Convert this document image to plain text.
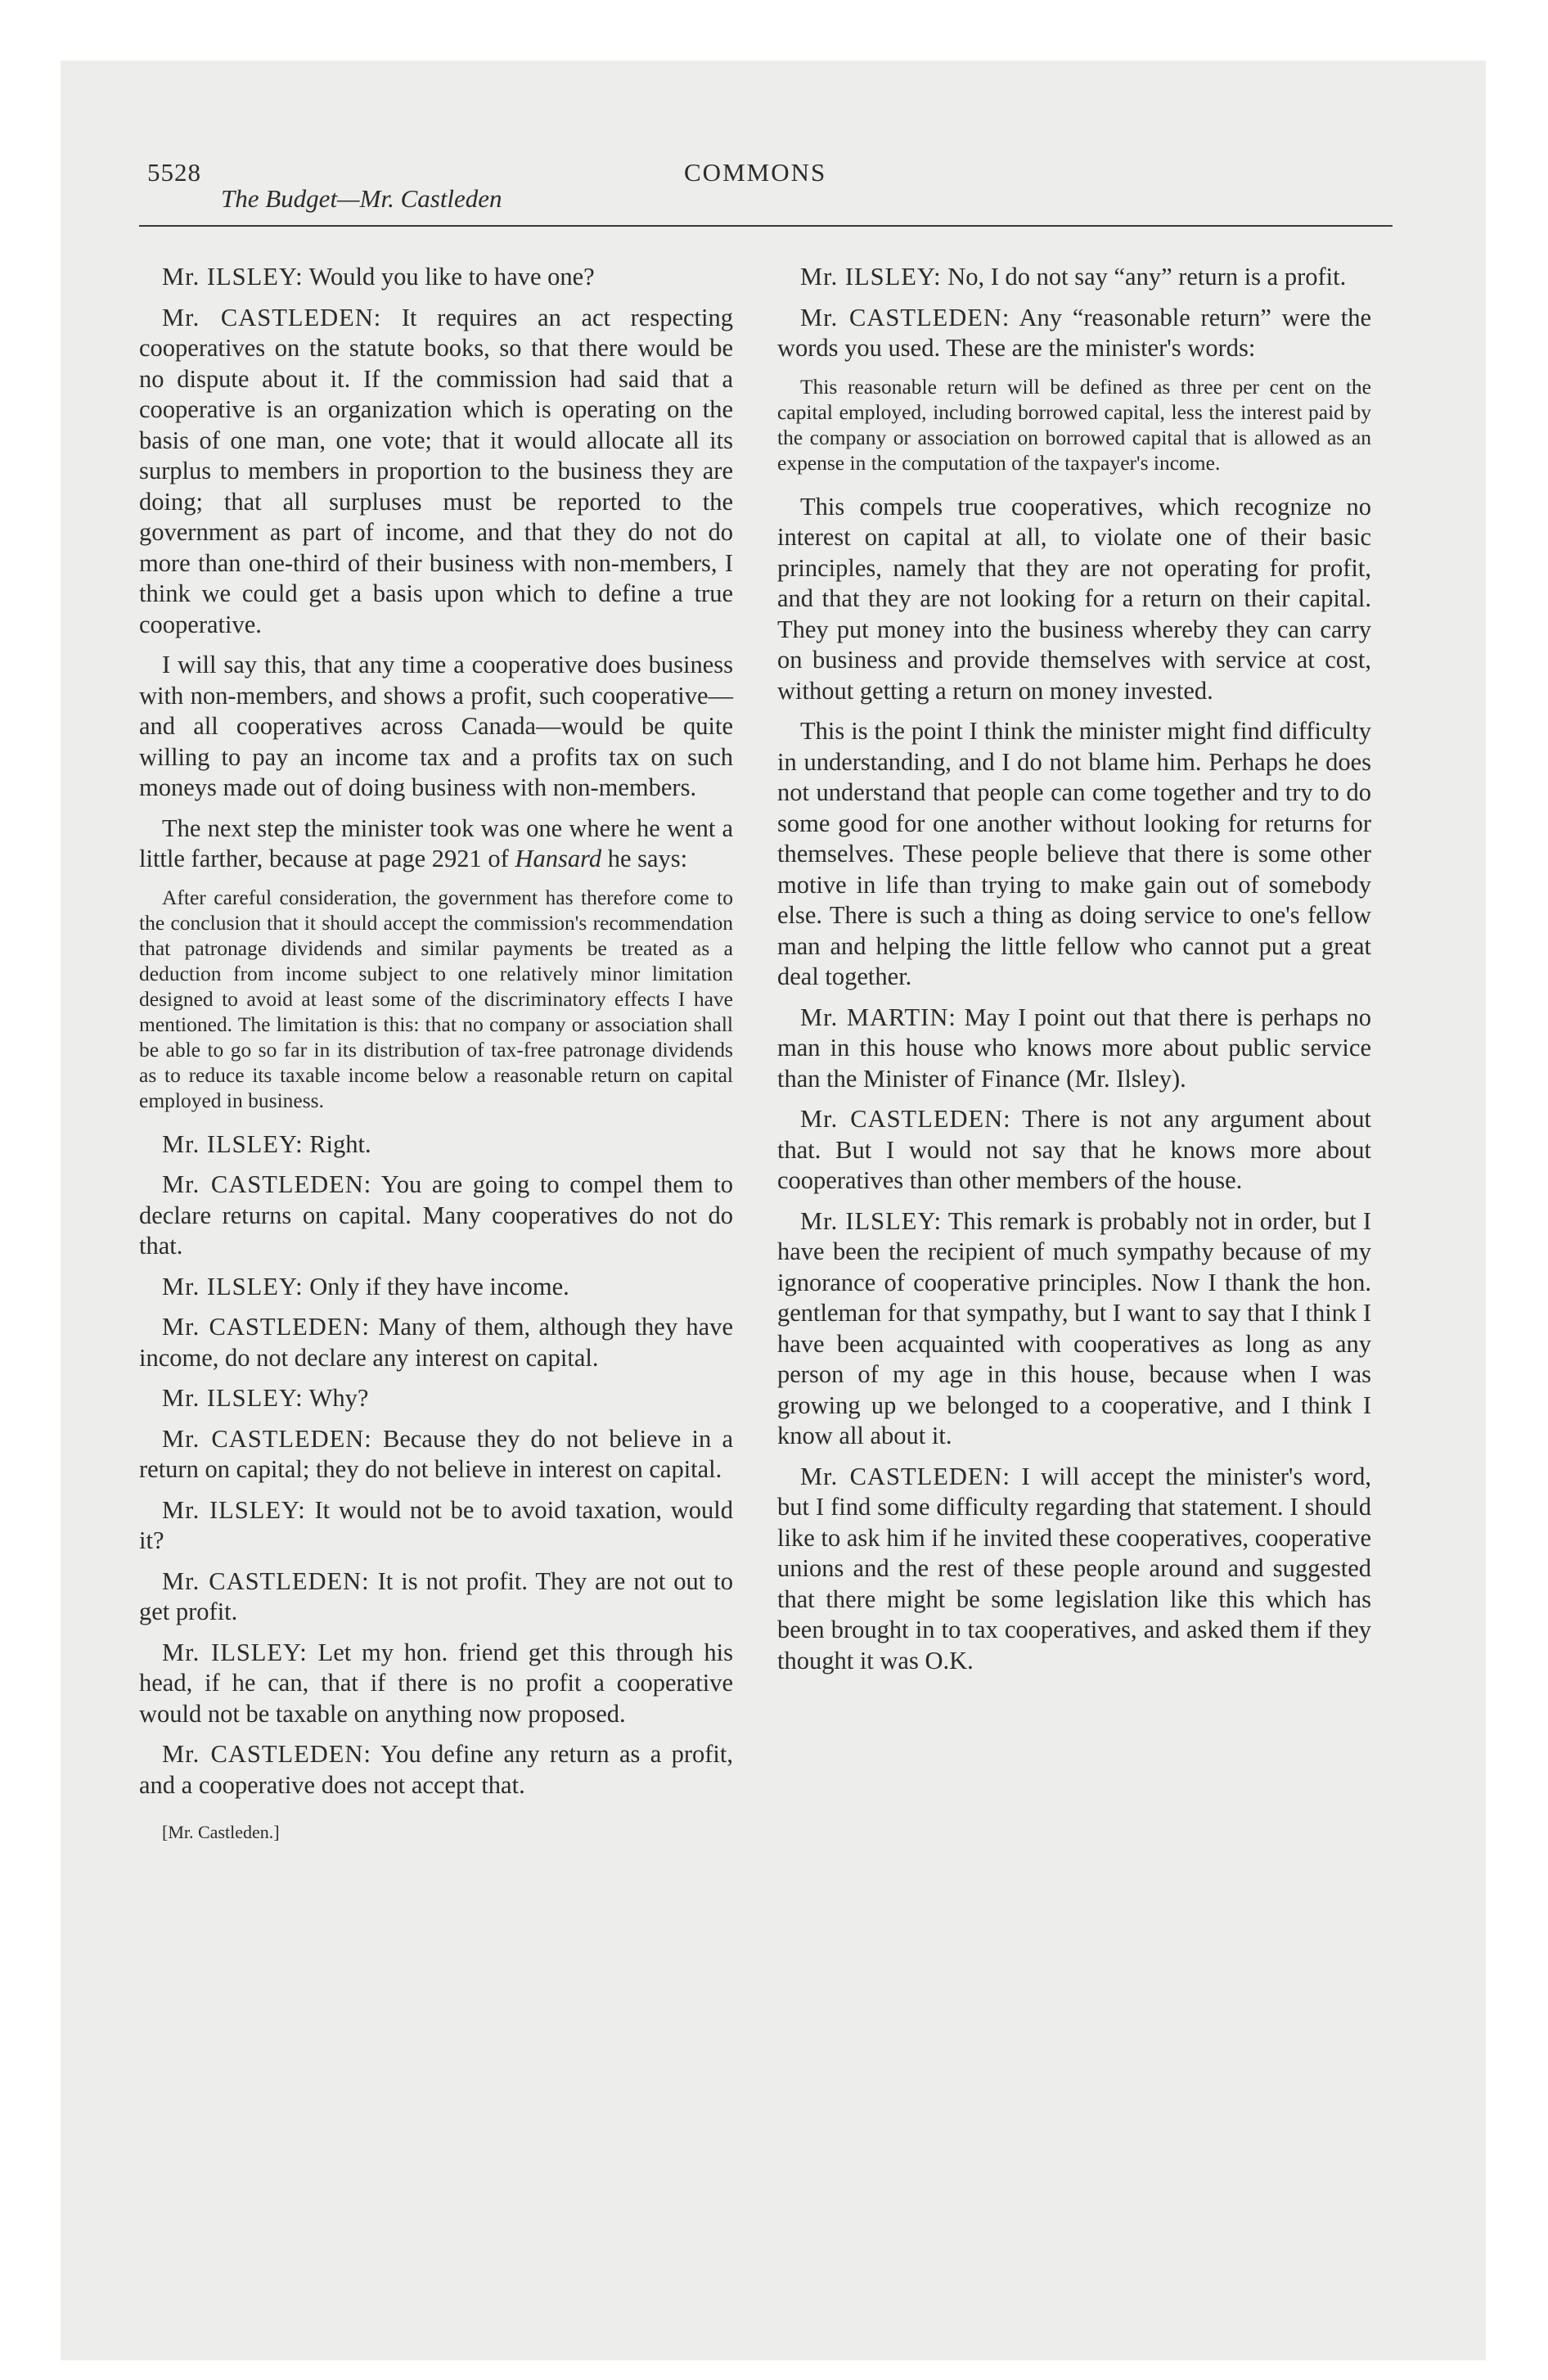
5528	COMMONS
The Budget—Mr. Castleden

Mr. ILSLEY: Would you like to have one?

Mr. CASTLEDEN: It requires an act respecting cooperatives on the statute books, so that there would be no dispute about it. If the commission had said that a cooperative is an organization which is operating on the basis of one man, one vote; that it would allocate all its surplus to members in proportion to the business they are doing; that all surpluses must be reported to the government as part of income, and that they do not do more than one-third of their business with non-members, I think we could get a basis upon which to define a true cooperative.

I will say this, that any time a cooperative does business with non-members, and shows a profit, such cooperative—and all cooperatives across Canada—would be quite willing to pay an income tax and a profits tax on such moneys made out of doing business with non-members.

The next step the minister took was one where he went a little farther, because at page 2921 of Hansard he says:

After careful consideration, the government has therefore come to the conclusion that it should accept the commission's recommendation that patronage dividends and similar payments be treated as a deduction from income subject to one relatively minor limitation designed to avoid at least some of the discriminatory effects I have mentioned. The limitation is this: that no company or association shall be able to go so far in its distribution of tax-free patronage dividends as to reduce its taxable income below a reasonable return on capital employed in business.

Mr. ILSLEY: Right.

Mr. CASTLEDEN: You are going to compel them to declare returns on capital. Many cooperatives do not do that.

Mr. ILSLEY: Only if they have income.

Mr. CASTLEDEN: Many of them, although they have income, do not declare any interest on capital.

Mr. ILSLEY: Why?

Mr. CASTLEDEN: Because they do not believe in a return on capital; they do not believe in interest on capital.

Mr. ILSLEY: It would not be to avoid taxation, would it?

Mr. CASTLEDEN: It is not profit. They are not out to get profit.

Mr. ILSLEY: Let my hon. friend get this through his head, if he can, that if there is no profit a cooperative would not be taxable on anything now proposed.

Mr. CASTLEDEN: You define any return as a profit, and a cooperative does not accept that.

[Mr. Castleden.]

Mr. ILSLEY: No, I do not say “any” return is a profit.

Mr. CASTLEDEN: Any “reasonable return” were the words you used. These are the minister's words:

This reasonable return will be defined as three per cent on the capital employed, including borrowed capital, less the interest paid by the company or association on borrowed capital that is allowed as an expense in the computation of the taxpayer's income.

This compels true cooperatives, which recognize no interest on capital at all, to violate one of their basic principles, namely that they are not operating for profit, and that they are not looking for a return on their capital. They put money into the business whereby they can carry on business and provide themselves with service at cost, without getting a return on money invested.

This is the point I think the minister might find difficulty in understanding, and I do not blame him. Perhaps he does not understand that people can come together and try to do some good for one another without looking for returns for themselves. These people believe that there is some other motive in life than trying to make gain out of somebody else. There is such a thing as doing service to one's fellow man and helping the little fellow who cannot put a great deal together.

Mr. MARTIN: May I point out that there is perhaps no man in this house who knows more about public service than the Minister of Finance (Mr. Ilsley).

Mr. CASTLEDEN: There is not any argument about that. But I would not say that he knows more about cooperatives than other members of the house.

Mr. ILSLEY: This remark is probably not in order, but I have been the recipient of much sympathy because of my ignorance of cooperative principles. Now I thank the hon. gentleman for that sympathy, but I want to say that I think I have been acquainted with cooperatives as long as any person of my age in this house, because when I was growing up we belonged to a cooperative, and I think I know all about it.

Mr. CASTLEDEN: I will accept the minister's word, but I find some difficulty regarding that statement. I should like to ask him if he invited these cooperatives, cooperative unions and the rest of these people around and suggested that there might be some legislation like this which has been brought in to tax cooperatives, and asked them if they thought it was O.K.
